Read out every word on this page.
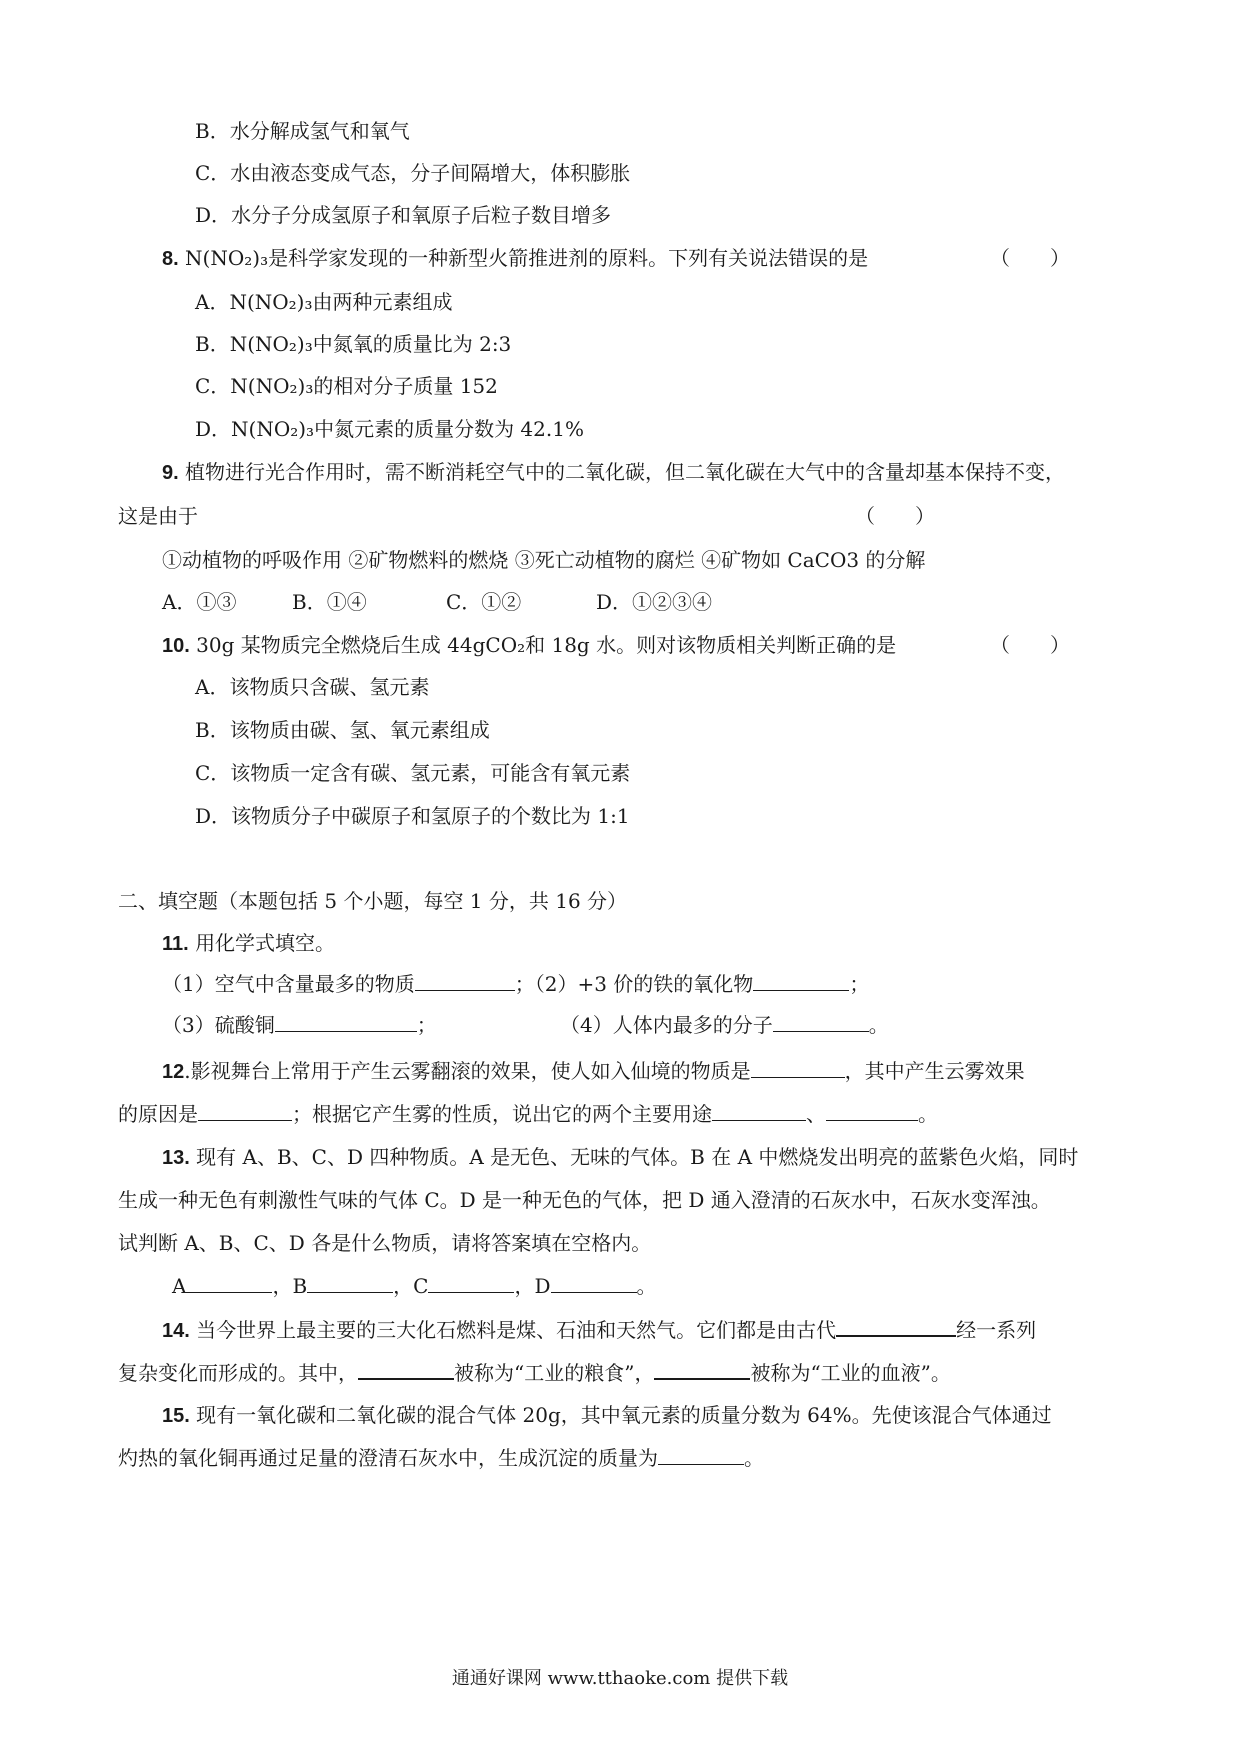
B．水分解成氢气和氧气
C．水由液态变成气态，分子间隔增大，体积膨胀
D．水分子分成氢原子和氧原子后粒子数目增多
8. N(NO₂)₃是科学家发现的一种新型火箭推进剂的原料。下列有关说法错误的是	（　　）
A．N(NO₂)₃由两种元素组成
B．N(NO₂)₃中氮氧的质量比为 2:3
C．N(NO₂)₃的相对分子质量 152
D．N(NO₂)₃中氮元素的质量分数为 42.1%
9. 植物进行光合作用时，需不断消耗空气中的二氧化碳，但二氧化碳在大气中的含量却基本保持不变，
这是由于	（　　）
①动植物的呼吸作用 ②矿物燃料的燃烧 ③死亡动植物的腐烂 ④矿物如 CaCO3 的分解
A．①③	B．①④	C．①②	D．①②③④
10. 30g 某物质完全燃烧后生成 44gCO₂和 18g 水。则对该物质相关判断正确的是	（　　）
A．该物质只含碳、氢元素
B．该物质由碳、氢、氧元素组成
C．该物质一定含有碳、氢元素，可能含有氧元素
D．该物质分子中碳原子和氢原子的个数比为 1:1
二、填空题（本题包括 5 个小题，每空 1 分，共 16 分）
11. 用化学式填空。
（1）空气中含量最多的物质	；（2）+3 价的铁的氧化物	；
（3）硫酸铜	；	（4）人体内最多的分子	。
12.影视舞台上常用于产生云雾翻滚的效果，使人如入仙境的物质是	，其中产生云雾效果
的原因是	；根据它产生雾的性质，说出它的两个主要用途	、	。
13. 现有 A、B、C、D 四种物质。A 是无色、无味的气体。B 在 A 中燃烧发出明亮的蓝紫色火焰，同时
生成一种无色有刺激性气味的气体 C。D 是一种无色的气体，把 D 通入澄清的石灰水中，石灰水变浑浊。
试判断 A、B、C、D 各是什么物质，请将答案填在空格内。
A	，B	，C	，D	。
14. 当今世界上最主要的三大化石燃料是煤、石油和天然气。它们都是由古代	经一系列
复杂变化而形成的。其中，	被称为“工业的粮食”，	被称为“工业的血液”。
15. 现有一氧化碳和二氧化碳的混合气体 20g，其中氧元素的质量分数为 64%。先使该混合气体通过
灼热的氧化铜再通过足量的澄清石灰水中，生成沉淀的质量为	。
通通好课网 www.tthaoke.com 提供下载
